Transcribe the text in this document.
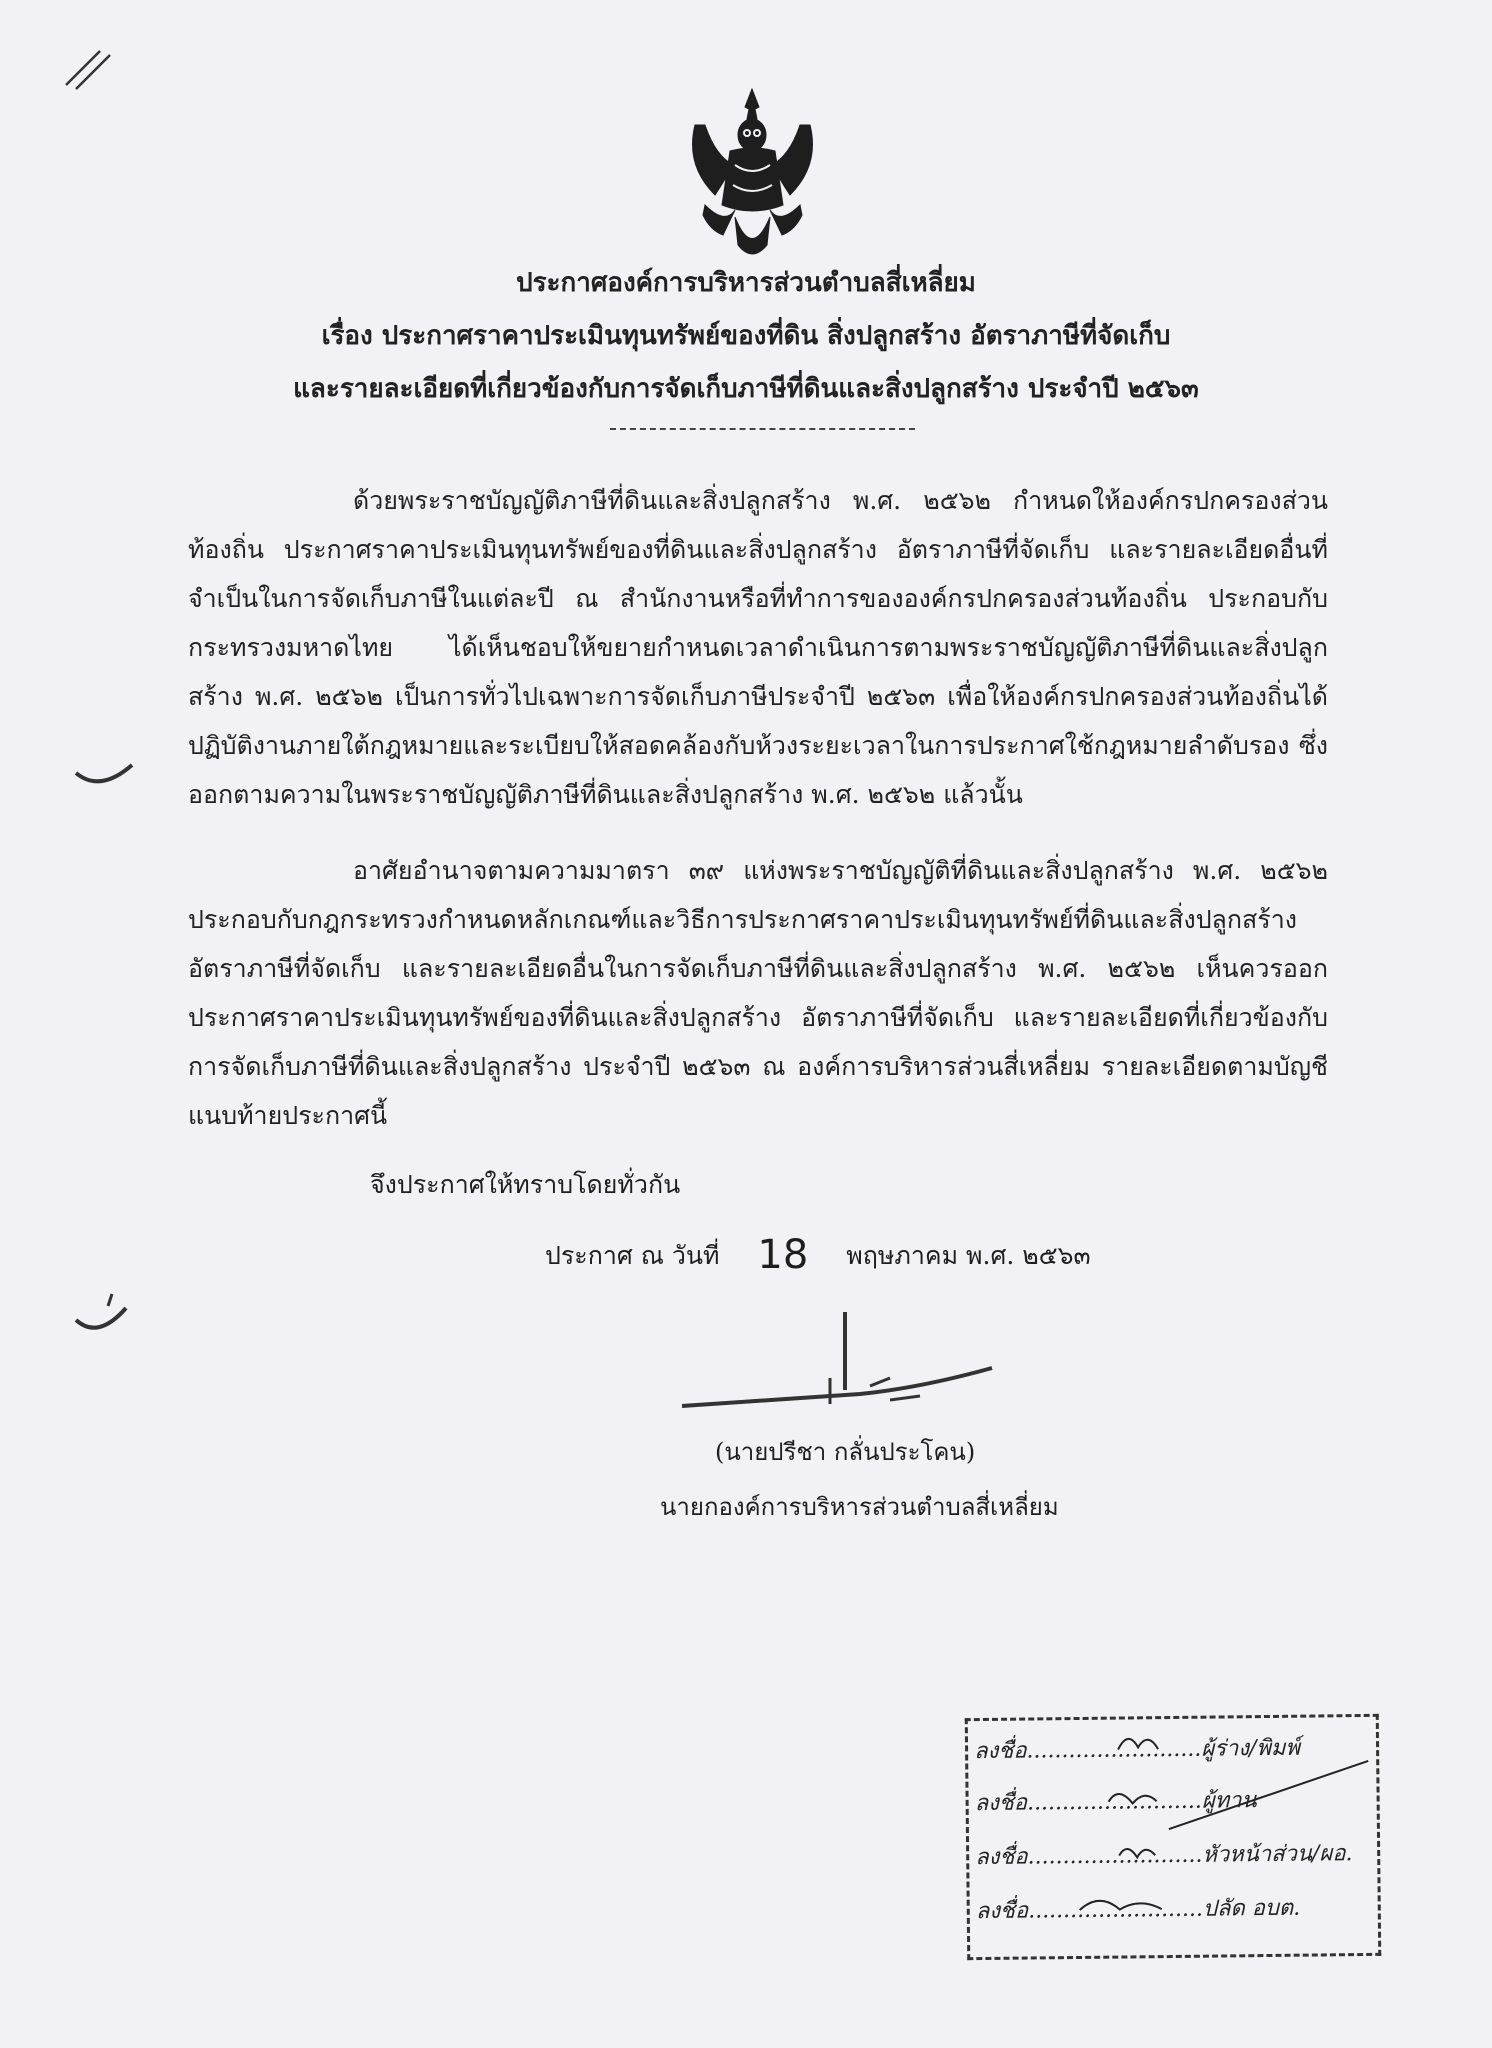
ประกาศองค์การบริหารส่วนตำบลสี่เหลี่ยม
เรื่อง ประกาศราคาประเมินทุนทรัพย์ของที่ดิน สิ่งปลูกสร้าง อัตราภาษีที่จัดเก็บ
และรายละเอียดที่เกี่ยวข้องกับการจัดเก็บภาษีที่ดินและสิ่งปลูกสร้าง ประจำปี ๒๕๖๓

ด้วยพระราชบัญญัติภาษีที่ดินและสิ่งปลูกสร้าง พ.ศ. ๒๕๖๒ กำหนดให้องค์กรปกครองส่วนท้องถิ่น ประกาศราคาประเมินทุนทรัพย์ของที่ดินและสิ่งปลูกสร้าง อัตราภาษีที่จัดเก็บ และรายละเอียดอื่นที่จำเป็นในการจัดเก็บภาษีในแต่ละปี ณ สำนักงานหรือที่ทำการขององค์กรปกครองส่วนท้องถิ่น ประกอบกับกระทรวงมหาดไทย ได้เห็นชอบให้ขยายกำหนดเวลาดำเนินการตามพระราชบัญญัติภาษีที่ดินและสิ่งปลูกสร้าง พ.ศ. ๒๕๖๒ เป็นการทั่วไปเฉพาะการจัดเก็บภาษีประจำปี ๒๕๖๓ เพื่อให้องค์กรปกครองส่วนท้องถิ่นได้ปฏิบัติงานภายใต้กฎหมายและระเบียบให้สอดคล้องกับห้วงระยะเวลาในการประกาศใช้กฎหมายลำดับรอง ซึ่งออกตามความในพระราชบัญญัติภาษีที่ดินและสิ่งปลูกสร้าง พ.ศ. ๒๕๖๒ แล้วนั้น

อาศัยอำนาจตามความมาตรา ๓๙ แห่งพระราชบัญญัติที่ดินและสิ่งปลูกสร้าง พ.ศ. ๒๕๖๒ ประกอบกับกฎกระทรวงกำหนดหลักเกณฑ์และวิธีการประกาศราคาประเมินทุนทรัพย์ที่ดินและสิ่งปลูกสร้าง อัตราภาษีที่จัดเก็บ และรายละเอียดอื่นในการจัดเก็บภาษีที่ดินและสิ่งปลูกสร้าง พ.ศ. ๒๕๖๒ เห็นควรออกประกาศราคาประเมินทุนทรัพย์ของที่ดินและสิ่งปลูกสร้าง อัตราภาษีที่จัดเก็บ และรายละเอียดที่เกี่ยวข้องกับการจัดเก็บภาษีที่ดินและสิ่งปลูกสร้าง ประจำปี ๒๕๖๓ ณ องค์การบริหารส่วนสี่เหลี่ยม รายละเอียดตามบัญชีแนบท้ายประกาศนี้

จึงประกาศให้ทราบโดยทั่วกัน
ประกาศ ณ วันที่ 18 พฤษภาคม พ.ศ. ๒๕๖๓
(นายปรีชา กลั่นประโคน)
นายกองค์การบริหารส่วนตำบลสี่เหลี่ยม
ลงชื่อ.........................ผู้ร่าง/พิมพ์
ลงชื่อ.........................ผู้ทาน
ลงชื่อ.........................หัวหน้าส่วน/ผอ.
ลงชื่อ.........................ปลัด อบต.
